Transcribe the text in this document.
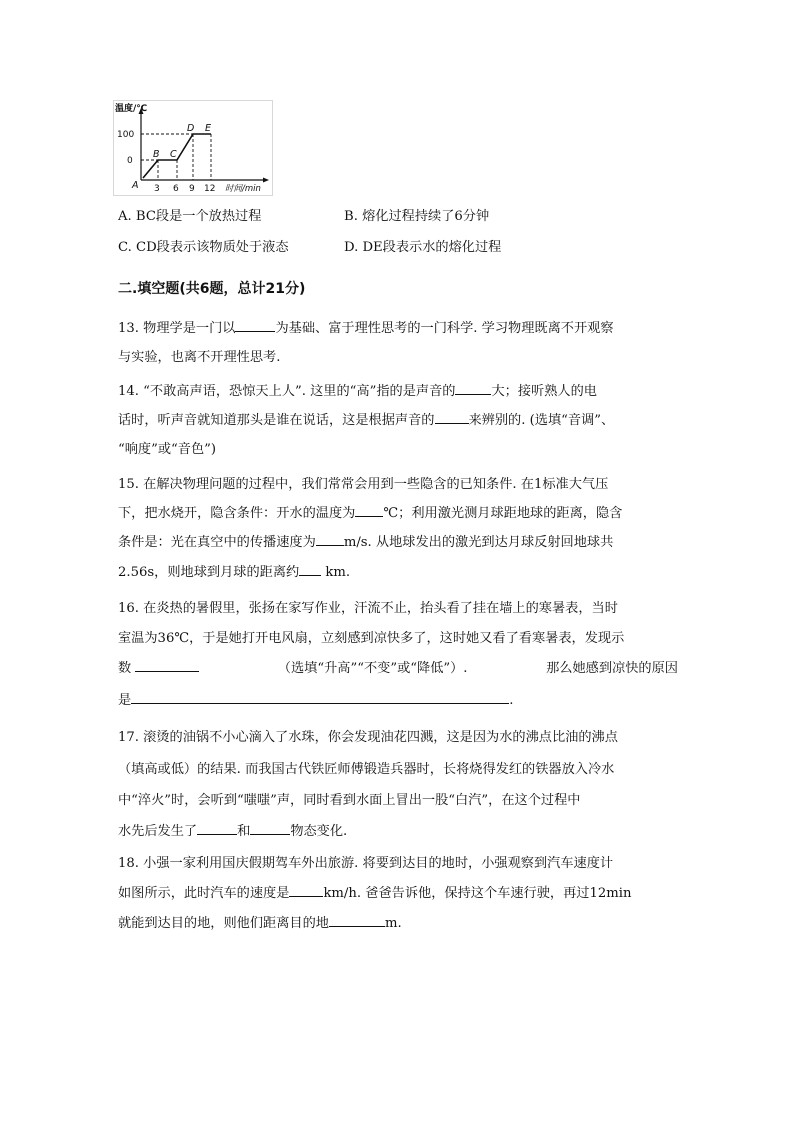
温度/℃
100
0
3 6 9 12 时间/min
A
B C
D E
A. BC段是一个放热过程	B. 熔化过程持续了6分钟
C. CD段表示该物质处于液态	D. DE段表示水的熔化过程
二.填空题(共6题，总计21分)
13. 物理学是一门以	为基础、富于理性思考的一门科学. 学习物理既离不开观察
与实验，也离不开理性思考.
14. “不敢高声语，恐惊天上人”. 这里的“高”指的是声音的	大；接听熟人的电
话时，听声音就知道那头是谁在说话，这是根据声音的	来辨别的. (选填“音调”、
“响度”或“音色”)
15. 在解决物理问题的过程中，我们常常会用到一些隐含的已知条件. 在1标准大气压
下，把水烧开，隐含条件：开水的温度为 ℃；利用激光测月球距地球的距离，隐含
条件是：光在真空中的传播速度为 m/s. 从地球发出的激光到达月球反射回地球共
2.56s，则地球到月球的距离约 km.
16. 在炎热的暑假里，张扬在家写作业，汗流不止，抬头看了挂在墙上的寒暑表，当时
室温为36℃，于是她打开电风扇，立刻感到凉快多了，这时她又看了看寒暑表，发现示
数	（选填“升高”“不变”或“降低”）.	那么她感到凉快的原因
是	.
17. 滚烫的油锅不小心滴入了水珠，你会发现油花四溅，这是因为水的沸点比油的沸点
（填高或低）的结果. 而我国古代铁匠师傅锻造兵器时，长将烧得发红的铁器放入冷水
中“淬火”时，会听到“嗤嗤”声，同时看到水面上冒出一股“白汽”，在这个过程中
水先后发生了	和	物态变化.
18. 小强一家利用国庆假期驾车外出旅游. 将要到达目的地时，小强观察到汽车速度计
如图所示，此时汽车的速度是	km/h. 爸爸告诉他，保持这个车速行驶，再过12min
就能到达目的地，则他们距离目的地	m.
